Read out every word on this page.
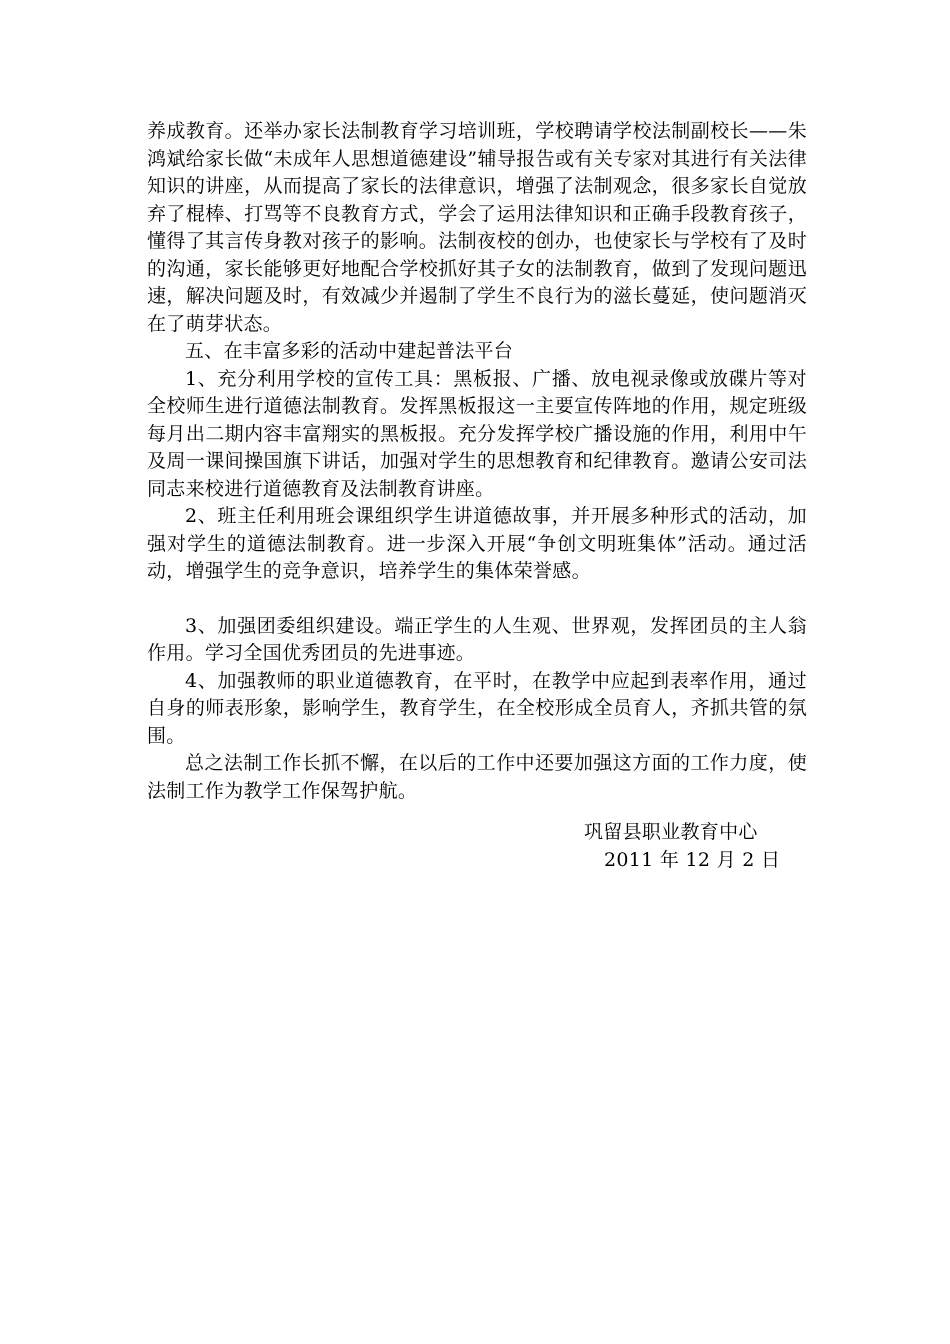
养成教育。还举办家长法制教育学习培训班，学校聘请学校法制副校长——朱鸿斌给家长做“未成年人思想道德建设”辅导报告或有关专家对其进行有关法律知识的讲座，从而提高了家长的法律意识，增强了法制观念，很多家长自觉放弃了棍棒、打骂等不良教育方式，学会了运用法律知识和正确手段教育孩子，懂得了其言传身教对孩子的影响。法制夜校的创办，也使家长与学校有了及时的沟通，家长能够更好地配合学校抓好其子女的法制教育，做到了发现问题迅速，解决问题及时，有效减少并遏制了学生不良行为的滋长蔓延，使问题消灭在了萌芽状态。

五、在丰富多彩的活动中建起普法平台

1、充分利用学校的宣传工具：黑板报、广播、放电视录像或放碟片等对全校师生进行道德法制教育。发挥黑板报这一主要宣传阵地的作用，规定班级每月出二期内容丰富翔实的黑板报。充分发挥学校广播设施的作用，利用中午及周一课间操国旗下讲话，加强对学生的思想教育和纪律教育。邀请公安司法同志来校进行道德教育及法制教育讲座。

2、班主任利用班会课组织学生讲道德故事，并开展多种形式的活动，加强对学生的道德法制教育。进一步深入开展“争创文明班集体”活动。通过活动，增强学生的竞争意识，培养学生的集体荣誉感。

3、加强团委组织建设。端正学生的人生观、世界观，发挥团员的主人翁作用。学习全国优秀团员的先进事迹。

4、加强教师的职业道德教育，在平时，在教学中应起到表率作用，通过自身的师表形象，影响学生，教育学生，在全校形成全员育人，齐抓共管的氛围。

总之法制工作长抓不懈，在以后的工作中还要加强这方面的工作力度，使法制工作为教学工作保驾护航。

巩留县职业教育中心
2011 年 12 月 2 日
